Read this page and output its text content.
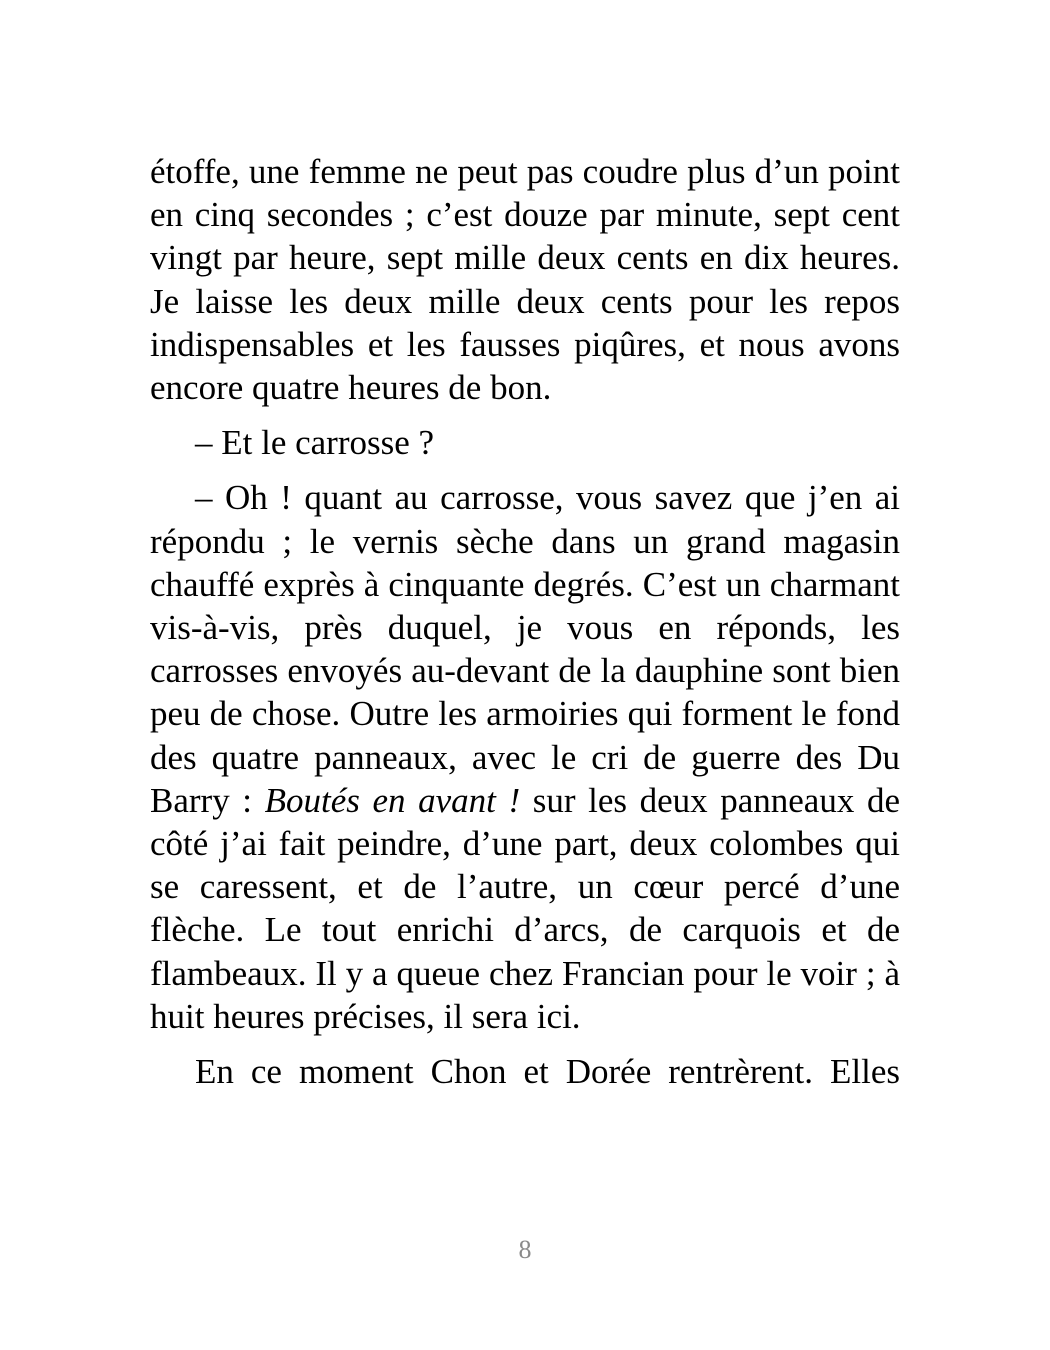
étoffe, une femme ne peut pas coudre plus d’un point en cinq secondes ; c’est douze par minute, sept cent vingt par heure, sept mille deux cents en dix heures. Je laisse les deux mille deux cents pour les repos indispensables et les fausses piqûres, et nous avons encore quatre heures de bon.

– Et le carrosse ?

– Oh ! quant au carrosse, vous savez que j’en ai répondu ; le vernis sèche dans un grand magasin chauffé exprès à cinquante degrés. C’est un charmant vis-à-vis, près duquel, je vous en réponds, les carrosses envoyés au-devant de la dauphine sont bien peu de chose. Outre les armoiries qui forment le fond des quatre panneaux, avec le cri de guerre des Du Barry : Boutés en avant ! sur les deux panneaux de côté j’ai fait peindre, d’une part, deux colombes qui se caressent, et de l’autre, un cœur percé d’une flèche. Le tout enrichi d’arcs, de carquois et de flambeaux. Il y a queue chez Francian pour le voir ; à huit heures précises, il sera ici.

En ce moment Chon et Dorée rentrèrent. Elles

8
